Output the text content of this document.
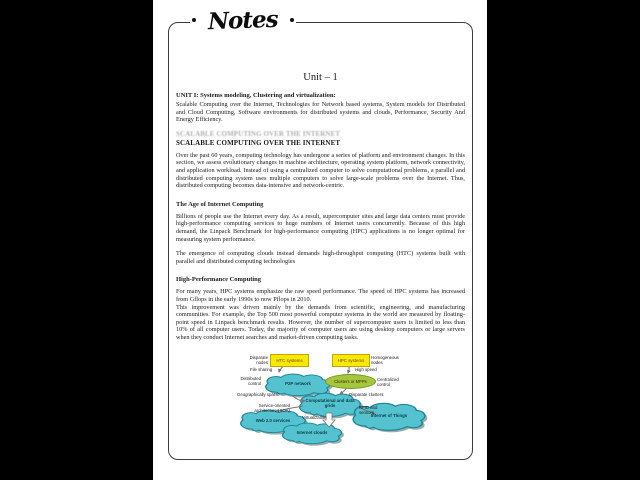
Notes
Unit – 1
UNIT I: Systems modeling, Clustering and virtualization:
Scalable Computing over the Internet, Technologies for Network based systems, System models for Distributed and Cloud Computing, Software environments for distributed systems and clouds, Performance, Security And Energy Efficiency.
SCALABLE COMPUTING OVER THE INTERNET
SCALABLE COMPUTING OVER THE INTERNET
Over the past 60 years, computing technology has undergone a series of platform and environment changes. In this section, we assess evolutionary changes in machine architecture, operating system platform, network connectivity, and application workload. Instead of using a centralized computer to solve computational problems, a parallel and distributed computing system uses multiple computers to solve large-scale problems over the Internet. Thus, distributed computing becomes data-intensive and network-centric.
The Age of Internet Computing
Billions of people use the Internet every day. As a result, supercomputer sites and large data centers must provide high-performance computing services to huge numbers of Internet users concurrently. Because of this high demand, the Linpack Benchmark for high-performance computing (HPC) applications is no longer optimal for measuring system performance.
The emergence of computing clouds instead demands high-throughput computing (HTC) systems built with parallel and distributed computing technologies
High-Performance Computing
For many years, HPC systems emphasize the raw speed performance. The speed of HPC systems has increased from Gflops in the early 1990s to now Pflops in 2010.
This improvement was driven mainly by the demands from scientific, engineering, and manufacturing communities. For example, the Top 500 most powerful computer systems in the world are measured by floating-point speed in Linpack benchmark results. However, the number of supercomputer users is limited to less than 10% of all computer users. Today, the majority of computer users are using desktop computers or large servers when they conduct Internet searches and market-driven computing tasks.
HTC systems	HPC systems
Clusters or MPPs
Disparate nodes
Homogeneous nodes
File sharing	High speed
Distributed control
Centralized control
Geographically sparse	Disparate clusters
Service-oriented architecture (SOA)
RFID and sensors
Virtualization
P2P network
Computational and data grids
Web 2.0 services
Internet clouds
Internet of Things
